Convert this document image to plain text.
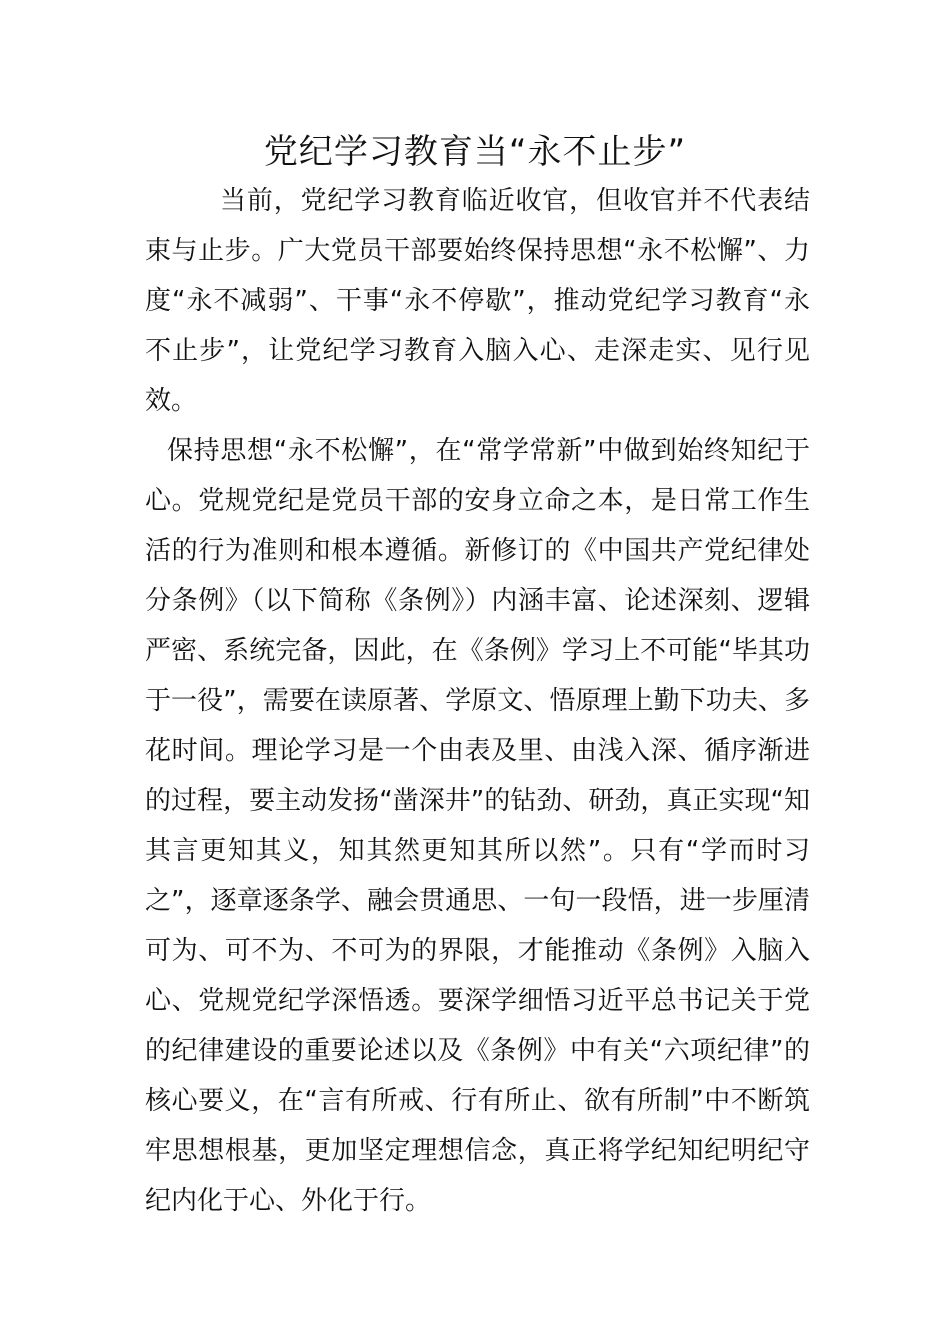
党纪学习教育当“永不止步”

当前，党纪学习教育临近收官，但收官并不代表结束与止步。广大党员干部要始终保持思想“永不松懈”、力度“永不减弱”、干事“永不停歇”，推动党纪学习教育“永不止步”，让党纪学习教育入脑入心、走深走实、见行见效。

保持思想“永不松懈”，在“常学常新”中做到始终知纪于心。党规党纪是党员干部的安身立命之本，是日常工作生活的行为准则和根本遵循。新修订的《中国共产党纪律处分条例》（以下简称《条例》）内涵丰富、论述深刻、逻辑严密、系统完备，因此，在《条例》学习上不可能“毕其功于一役”，需要在读原著、学原文、悟原理上勤下功夫、多花时间。理论学习是一个由表及里、由浅入深、循序渐进的过程，要主动发扬“凿深井”的钻劲、研劲，真正实现“知其言更知其义，知其然更知其所以然”。只有“学而时习之”，逐章逐条学、融会贯通思、一句一段悟，进一步厘清可为、可不为、不可为的界限，才能推动《条例》入脑入心、党规党纪学深悟透。要深学细悟习近平总书记关于党的纪律建设的重要论述以及《条例》中有关“六项纪律”的核心要义，在“言有所戒、行有所止、欲有所制”中不断筑牢思想根基，更加坚定理想信念，真正将学纪知纪明纪守纪内化于心、外化于行。
